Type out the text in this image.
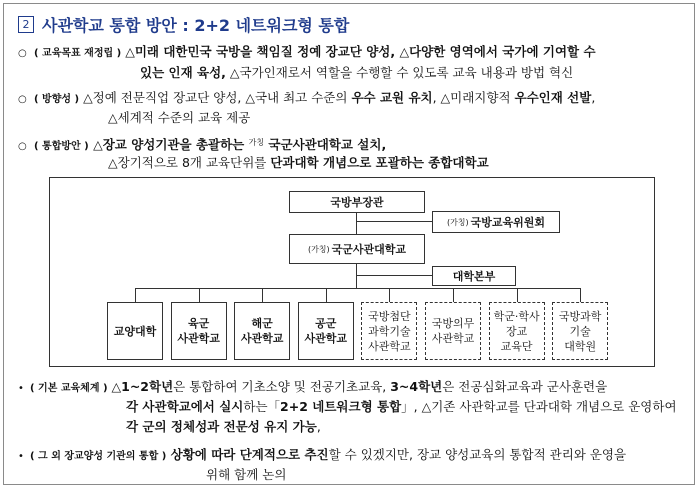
2 사관학교 통합 방안 : 2+2 네트워크형 통합
○ ( 교육목표 재정립 ) △미래 대한민국 국방을 책임질 정예 장교단 양성, △다양한 영역에서 국가에 기여할 수
있는 인재 육성, △국가인재로서 역할을 수행할 수 있도록 교육 내용과 방법 혁신
○ ( 방향성 ) △정예 전문직업 장교단 양성, △국내 최고 수준의 우수 교원 유치, △미래지향적 우수인재 선발,
△세계적 수준의 교육 제공
○ ( 통합방안 ) △장교 양성기관을 총괄하는 $^{가칭}$ 국군사관대학교 설치,
△장기적으로 8개 교육단위를 단과대학 개념으로 포괄하는 종합대학교
국방부장관
(가칭) 국방교육위원회
(가칭) 국군사관대학교
대학본부
교양대학
육군
사관학교
해군
사관학교
공군
사관학교
국방첨단
과학기술
사관학교
국방의무
사관학교
학군·학사
장교
교육단
국방과학
기술
대학원
• ( 기본 교육체계 ) △1~2학년은 통합하여 기초소양 및 전공기초교육, 3~4학년은 전공심화교육과 군사훈련을
각 사관학교에서 실시하는「2+2 네트워크형 통합」, △기존 사관학교를 단과대학 개념으로 운영하여
각 군의 정체성과 전문성 유지 가능,
• ( 그 외 장교양성 기관의 통합 ) 상황에 따라 단계적으로 추진할 수 있겠지만, 장교 양성교육의 통합적 관리와 운영을
위해 함께 논의
